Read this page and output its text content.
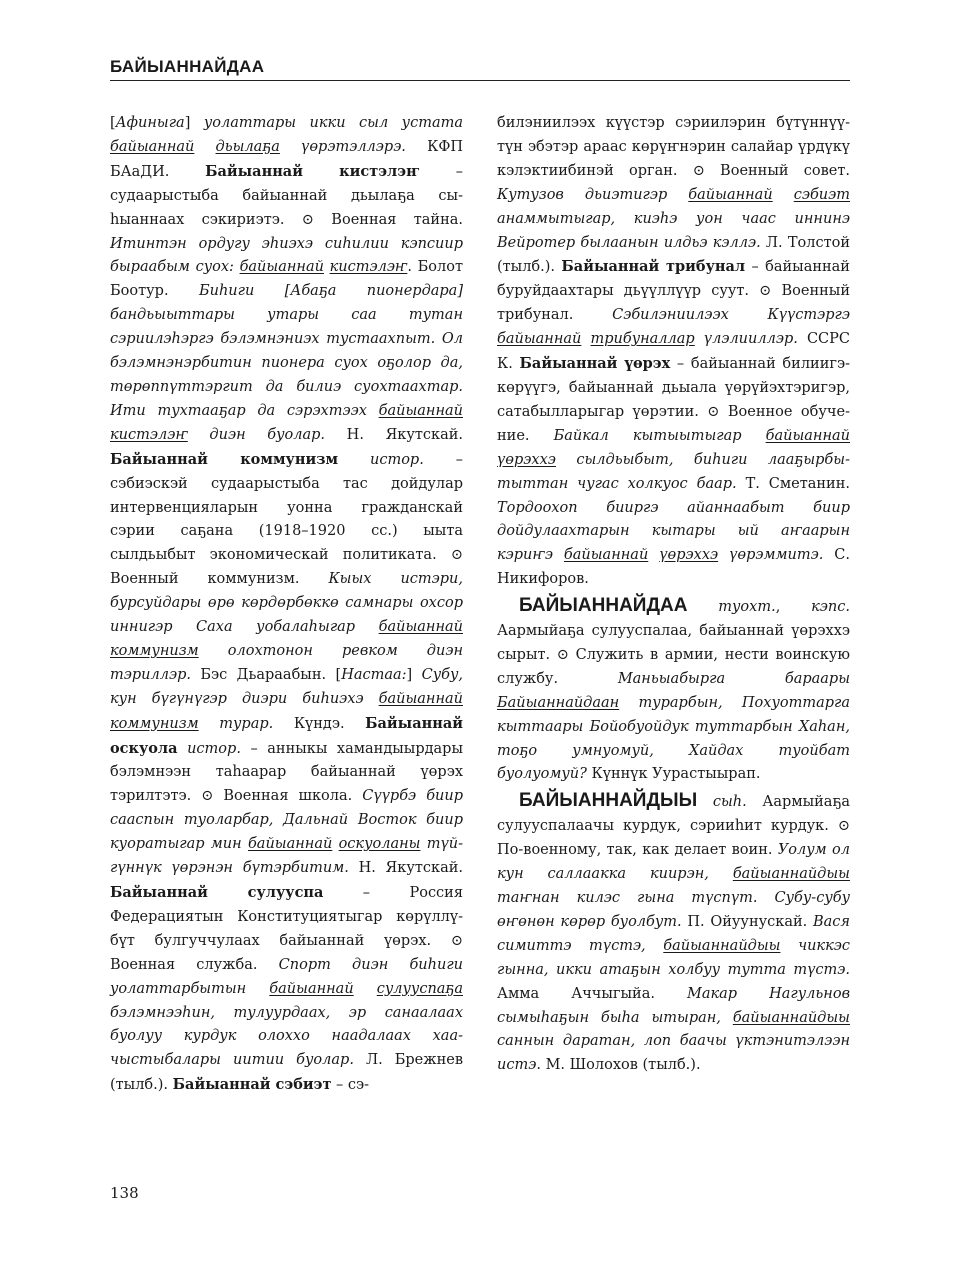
БАЙЫАННАЙДАА

[Афиныга] уолаттары икки сыл устата байыаннай дьылаҕа үөрэтэллэрэ. КФП БАаДИ. Байыаннай кистэлэҥ – судаарыстыба байыаннай дьылаҕа сыһыаннаах сэкириэтэ. ⊙ Военная тайна. Итинтэн ордугу эһиэхэ сиһилии кэпсиир быраабым суох: байыаннай кистэлэҥ. Болот Боотур. Биһиги [Абаҕа пионердара] бандьыыттары утары саа тутан сэриилэһэргэ бэлэмнэниэх тустаахпыт. Ол бэлэмнэнэрбитин пионера суох оҕолор да, төрөппүттэргит да билиэ суохтаахтар. Ити тухтааҕар да сэрэхтээх байыаннай кистэлэҥ диэн буолар. Н. Якутскай. Байыаннай коммунизм истор. – сэбиэскэй судаарыстыба тас дойдулар интервенцияларын уонна гражданскай сэрии саҕана (1918–1920 сс.) ыыта сылдьыбыт экономическай политиката. ⊙ Военный коммунизм. Кыых истэри, бурсуйдары өрө көрдөрбөккө самнары охсор иннигэр Саха уобалаһыгар байыаннай коммунизм олохтонон ревком диэн тэриллэр. Бэс Дьараабын. [Настаа:] Субу, кун бүгүнүгэр диэри биһиэхэ байыаннай коммунизм турар. Күндэ. Байыаннай оскуола истор. – анныкы хамандыырдары бэлэмнээн таһаарар байыаннай үөрэх тэрилтэтэ. ⊙ Военная школа. Сүүрбэ биир сааспын туоларбар, Дальнай Восток биир куоратыгар мин байыаннай оскуоланы түйгүннүк үөрэнэн бүтэрбитим. Н. Якутскай. Байыаннай сулууспа – Россия Федерациятын Конституциятыгар көрүллүбүт булгуччулаах байыаннай үөрэх. ⊙ Военная служба. Спорт диэн биһиги уолаттарбытын байыаннай сулууспаҕа бэлэмнээһин, тулуурдаах, эр санаалаах буолуу курдук олоххо наадалаах хаачыстыбалары иитии буолар. Л. Брежнев (тылб.). Байыаннай сэбиэт – сэ-

билэниилээх күүстэр сэриилэрин бүтүннүүтүн эбэтэр араас көрүҥнэрин салайар үрдүкү кэлэктиибинэй орган. ⊙ Военный совет. Кутузов дьиэтигэр байыаннай сэбиэт анаммытыгар, киэһэ уон чаас иннинэ Вейротер былаанын илдьэ кэллэ. Л. Толстой (тылб.). Байыаннай трибунал – байыаннай буруйдаахтары дьүүллүүр суут. ⊙ Военный трибунал. Сэбилэниилээх Күүстэргэ байыаннай трибуналлар үлэлииллэр. ССРС К. Байыаннай үөрэх – байыаннай билиигэ-көрүүгэ, байыаннай дьыала үөрүйэхтэригэр, сатабылларыгар үөрэтии. ⊙ Военное обучение. Байкал кытыытыгар байыаннай үөрэххэ сылдьыбыт, биһиги лааҕырбытыттан чугас холкуос баар. Т. Сметанин. Тордоохоп бииргэ айаннаабыт биир дойдулаахтарын кытары ый аҥаарын кэриҥэ байыаннай үөрэххэ үөрэммитэ. С. Никифоров.

БАЙЫАННАЙДАА туохт., кэпс. Аармыйаҕа сулууспалаа, байыаннай үөрэххэ сырыт. ⊙ Служить в армии, нести воинскую службу. Маньыабырга бараары Байыаннайдаан турарбын, Похуоттарга кыттаары Бойобуойдук туттарбын Хаһан, тоҕо умнуомуй, Хайдах туойбат буолуомуй? Күннүк Уурастыырап.

БАЙЫАННАЙДЫЫ сыһ. Аармыйаҕа сулууспалаачы курдук, сэрииһит курдук. ⊙ По-военному, так, как делает воин. Уолум ол кун саллаакка киирэн, байыаннайдыы таҥнан килэс гына түспүт. Субу-субу өҥөнөн көрөр буолбут. П. Ойуунускай. Вася симиттэ түстэ, байыаннайдыы чиккэс гынна, икки атаҕын холбуу тутта түстэ. Амма Аччыгыйа. Макар Нагульнов сымыһаҕын быһа ытыран, байыаннайдыы саннын даратан, лоп баачы үктэнитэлээн истэ. М. Шолохов (тылб.).

138
